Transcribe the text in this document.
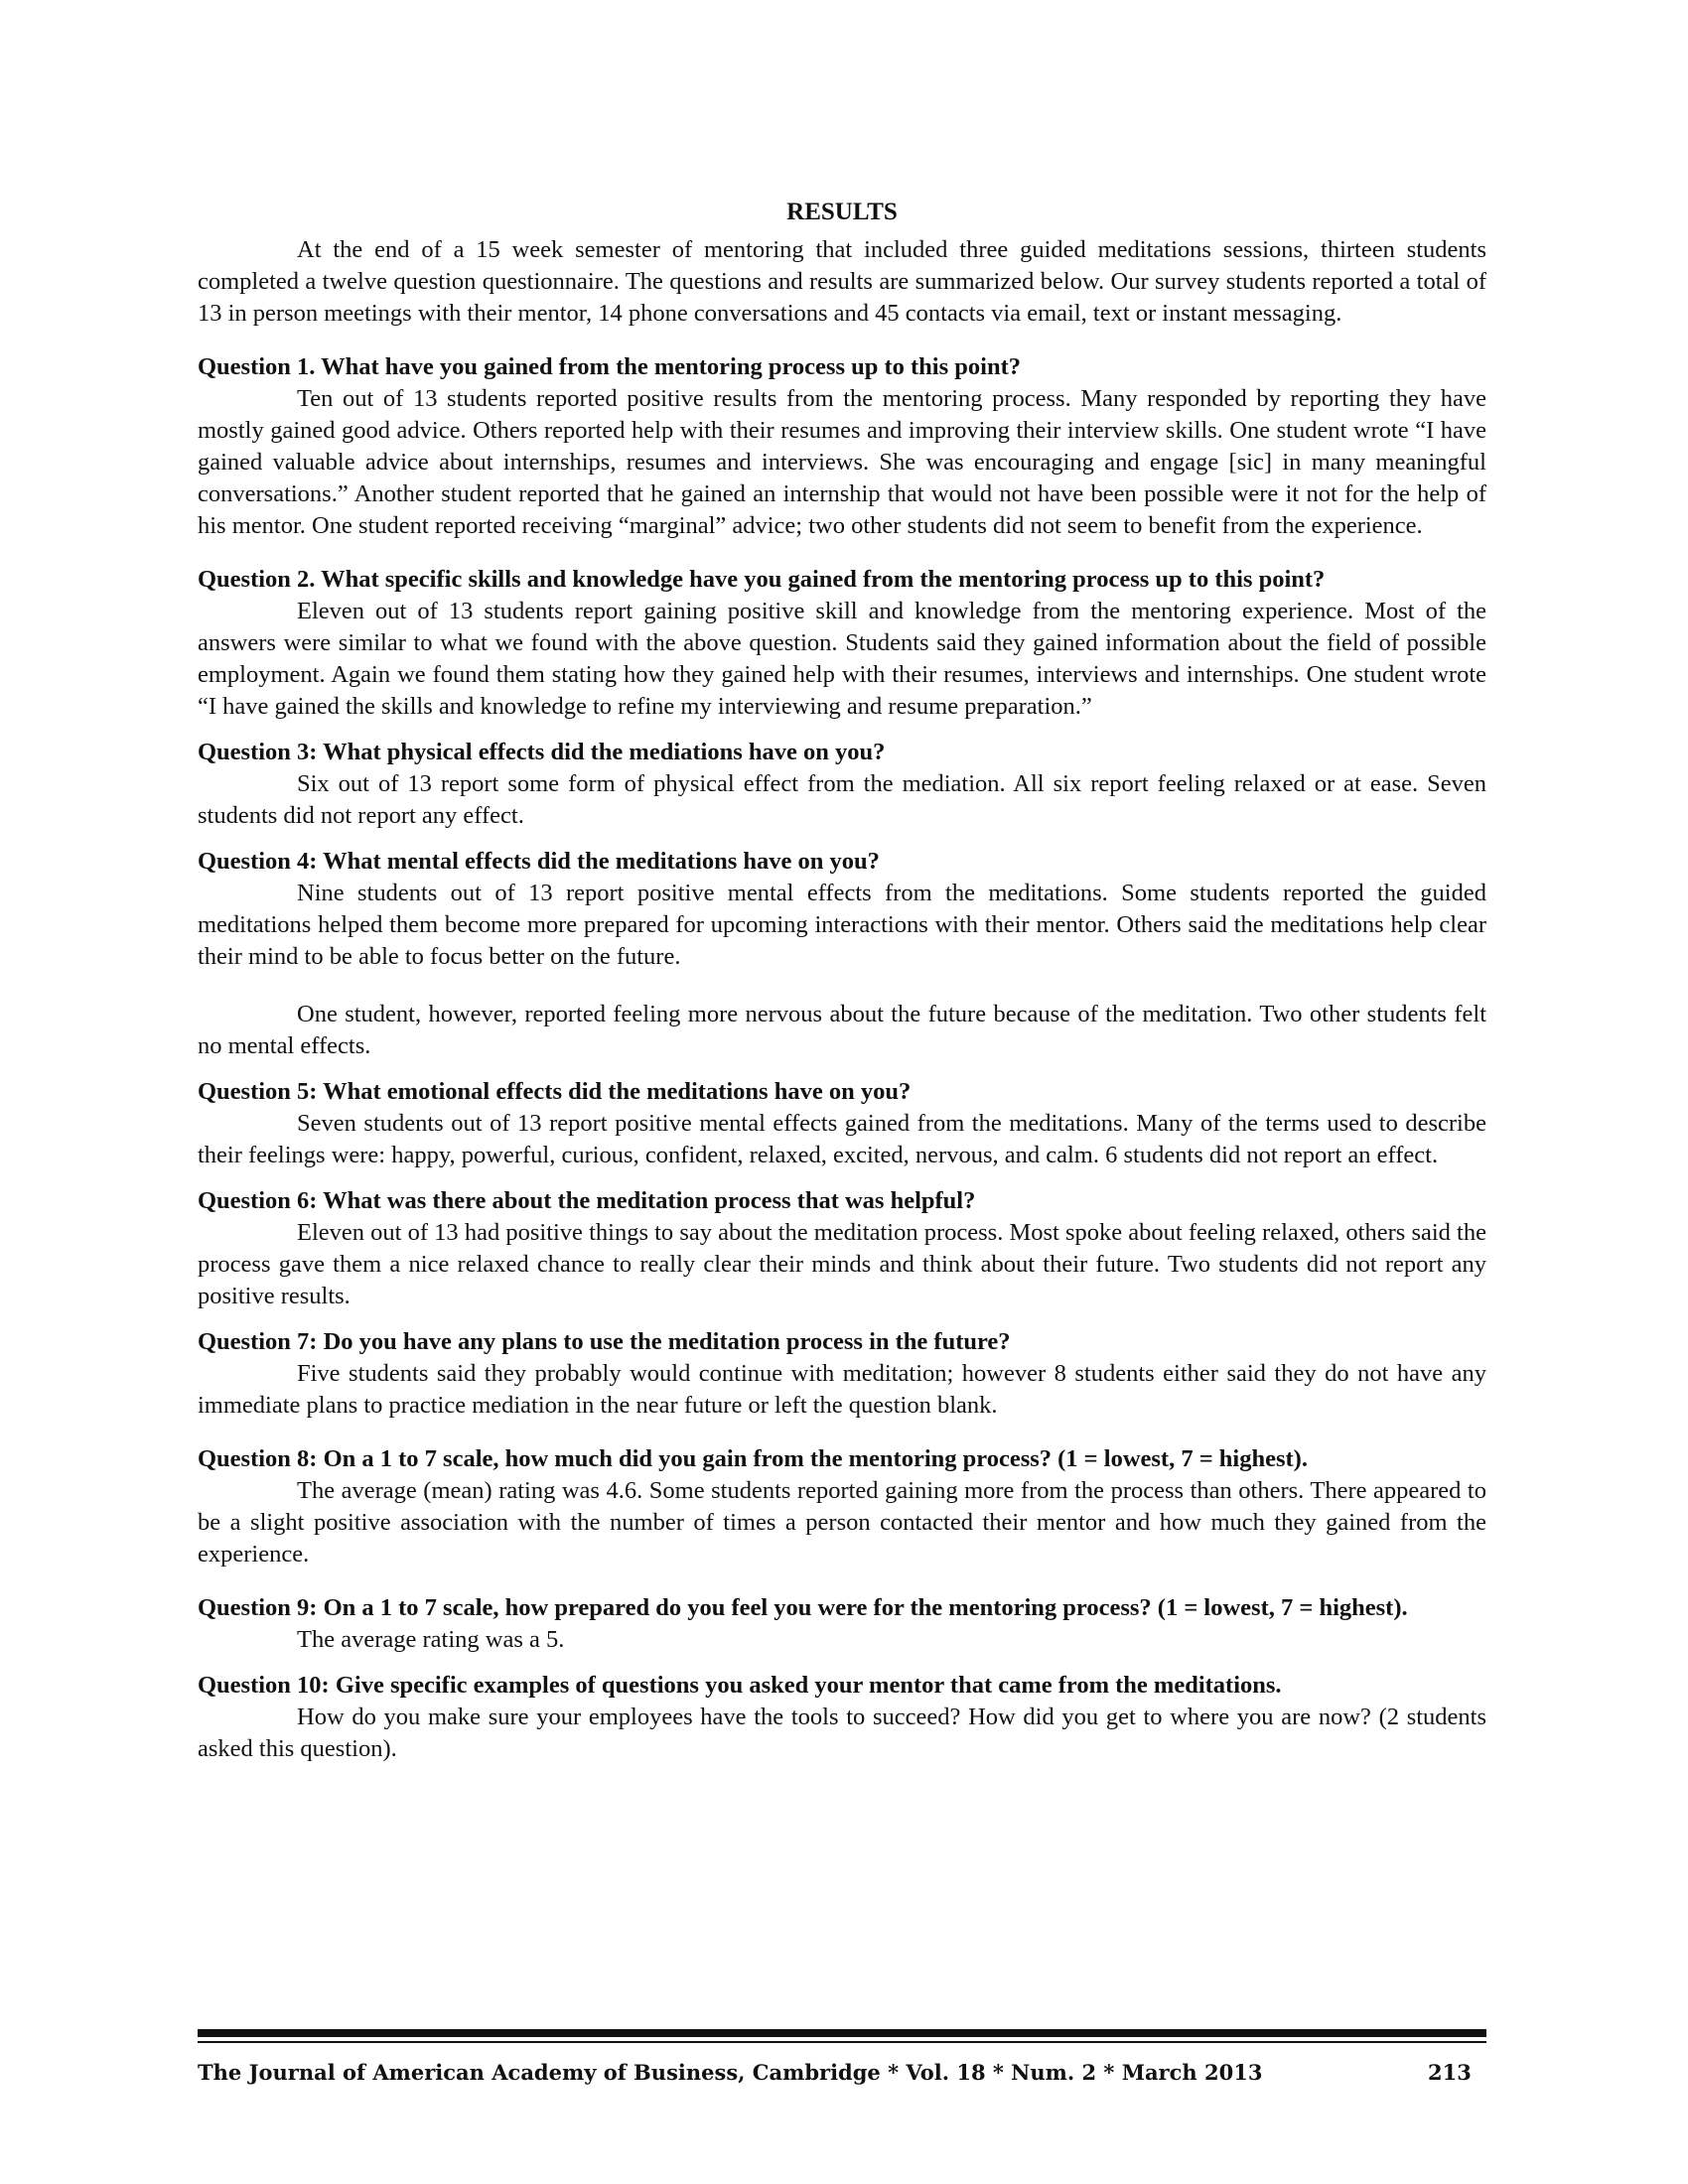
RESULTS

At the end of a 15 week semester of mentoring that included three guided meditations sessions, thirteen students completed a twelve question questionnaire. The questions and results are summarized below. Our survey students reported a total of 13 in person meetings with their mentor, 14 phone conversations and 45 contacts via email, text or instant messaging.

Question 1. What have you gained from the mentoring process up to this point?

Ten out of 13 students reported positive results from the mentoring process. Many responded by reporting they have mostly gained good advice. Others reported help with their resumes and improving their interview skills. One student wrote “I have gained valuable advice about internships, resumes and interviews. She was encouraging and engage [sic] in many meaningful conversations.” Another student reported that he gained an internship that would not have been possible were it not for the help of his mentor. One student reported receiving “marginal” advice; two other students did not seem to benefit from the experience.

Question 2. What specific skills and knowledge have you gained from the mentoring process up to this point?

Eleven out of 13 students report gaining positive skill and knowledge from the mentoring experience. Most of the answers were similar to what we found with the above question. Students said they gained information about the field of possible employment. Again we found them stating how they gained help with their resumes, interviews and internships. One student wrote “I have gained the skills and knowledge to refine my interviewing and resume preparation.”

Question 3: What physical effects did the mediations have on you?

Six out of 13 report some form of physical effect from the mediation. All six report feeling relaxed or at ease. Seven students did not report any effect.

Question 4: What mental effects did the meditations have on you?

Nine students out of 13 report positive mental effects from the meditations. Some students reported the guided meditations helped them become more prepared for upcoming interactions with their mentor. Others said the meditations help clear their mind to be able to focus better on the future.

One student, however, reported feeling more nervous about the future because of the meditation. Two other students felt no mental effects.

Question 5: What emotional effects did the meditations have on you?

Seven students out of 13 report positive mental effects gained from the meditations. Many of the terms used to describe their feelings were: happy, powerful, curious, confident, relaxed, excited, nervous, and calm. 6 students did not report an effect.

Question 6: What was there about the meditation process that was helpful?

Eleven out of 13 had positive things to say about the meditation process. Most spoke about feeling relaxed, others said the process gave them a nice relaxed chance to really clear their minds and think about their future. Two students did not report any positive results.

Question 7: Do you have any plans to use the meditation process in the future?

Five students said they probably would continue with meditation; however 8 students either said they do not have any immediate plans to practice mediation in the near future or left the question blank.

Question 8: On a 1 to 7 scale, how much did you gain from the mentoring process? (1 = lowest, 7 = highest).

The average (mean) rating was 4.6. Some students reported gaining more from the process than others. There appeared to be a slight positive association with the number of times a person contacted their mentor and how much they gained from the experience.

Question 9: On a 1 to 7 scale, how prepared do you feel you were for the mentoring process? (1 = lowest, 7 = highest).

The average rating was a 5.

Question 10: Give specific examples of questions you asked your mentor that came from the meditations.

How do you make sure your employees have the tools to succeed? How did you get to where you are now? (2 students asked this question).

The Journal of American Academy of Business, Cambridge * Vol. 18 * Num. 2 * March 2013	213
